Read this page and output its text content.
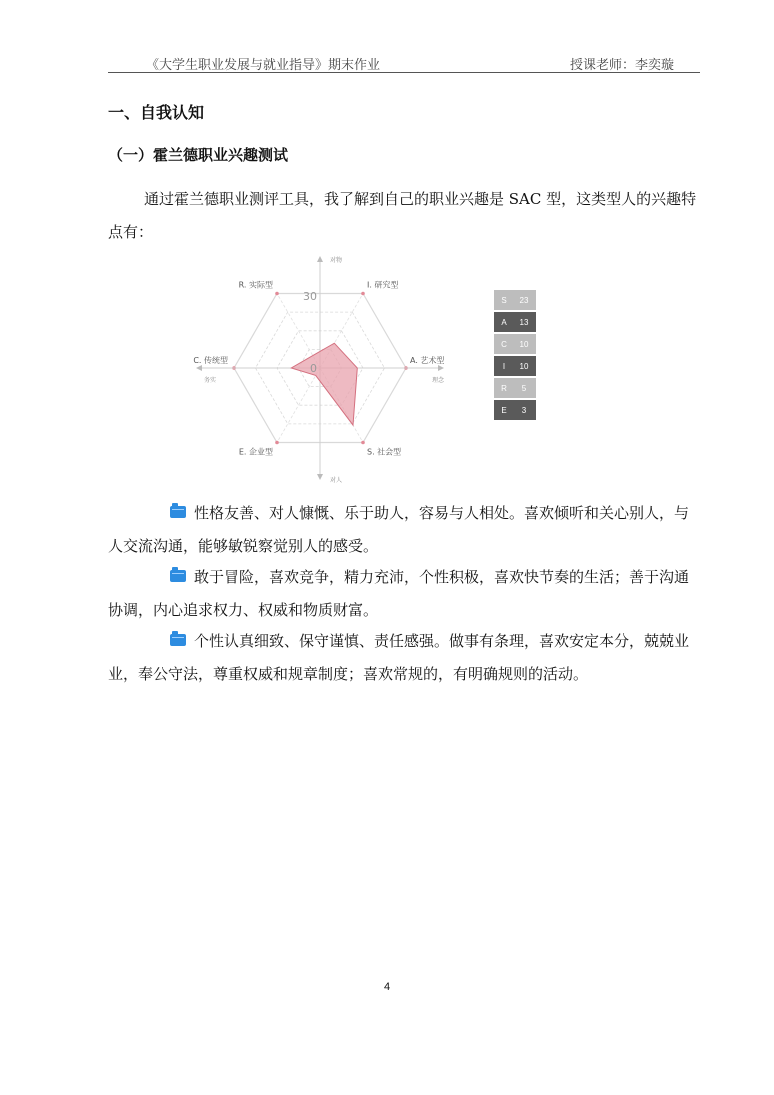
《大学生职业发展与就业指导》期末作业	授课老师：李奕璇
一、自我认知
（一）霍兰德职业兴趣测试
通过霍兰德职业测评工具，我了解到自己的职业兴趣是 SAC 型，这类型人的兴趣特点有：
I. 研究型
A. 艺术型
S. 社会型
E. 企业型
C. 传统型
R. 实际型
对物
对人
务实	理念
30
0
S	23
A	13
C	10
I	10
R	5
E	3
性格友善、对人慷慨、乐于助人，容易与人相处。喜欢倾听和关心别人，与人交流沟通，能够敏锐察觉别人的感受。
敢于冒险，喜欢竞争，精力充沛，个性积极，喜欢快节奏的生活；善于沟通协调，内心追求权力、权威和物质财富。
个性认真细致、保守谨慎、责任感强。做事有条理，喜欢安定本分，兢兢业业，奉公守法，尊重权威和规章制度；喜欢常规的，有明确规则的活动。
4
